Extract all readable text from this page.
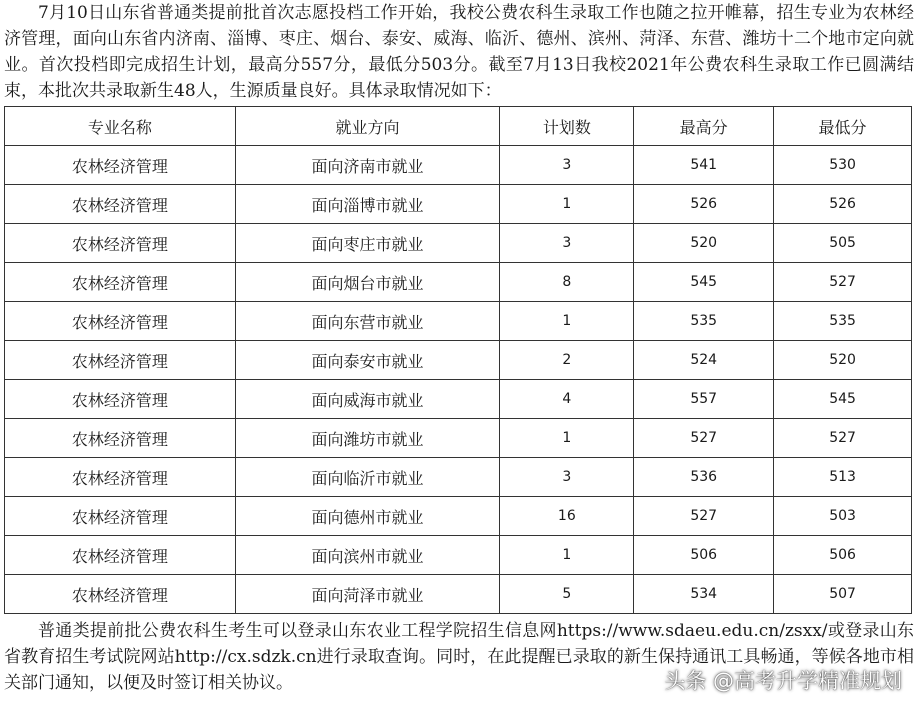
7月10日山东省普通类提前批首次志愿投档工作开始，我校公费农科生录取工作也随之拉开帷幕，招生专业为农林经济管理，面向山东省内济南、淄博、枣庄、烟台、泰安、威海、临沂、德州、滨州、菏泽、东营、潍坊十二个地市定向就业。首次投档即完成招生计划，最高分557分，最低分503分。截至7月13日我校2021年公费农科生录取工作已圆满结束，本批次共录取新生48人，生源质量良好。具体录取情况如下：

专业名称	就业方向	计划数	最高分	最低分
农林经济管理	面向济南市就业	3	541	530
农林经济管理	面向淄博市就业	1	526	526
农林经济管理	面向枣庄市就业	3	520	505
农林经济管理	面向烟台市就业	8	545	527
农林经济管理	面向东营市就业	1	535	535
农林经济管理	面向泰安市就业	2	524	520
农林经济管理	面向威海市就业	4	557	545
农林经济管理	面向潍坊市就业	1	527	527
农林经济管理	面向临沂市就业	3	536	513
农林经济管理	面向德州市就业	16	527	503
农林经济管理	面向滨州市就业	1	506	506
农林经济管理	面向菏泽市就业	5	534	507

普通类提前批公费农科生考生可以登录山东农业工程学院招生信息网https://www.sdaeu.edu.cn/zsxx/或登录山东省教育招生考试院网站http://cx.sdzk.cn进行录取查询。同时，在此提醒已录取的新生保持通讯工具畅通，等候各地市相关部门通知，以便及时签订相关协议。	头条 @高考升学精准规划
